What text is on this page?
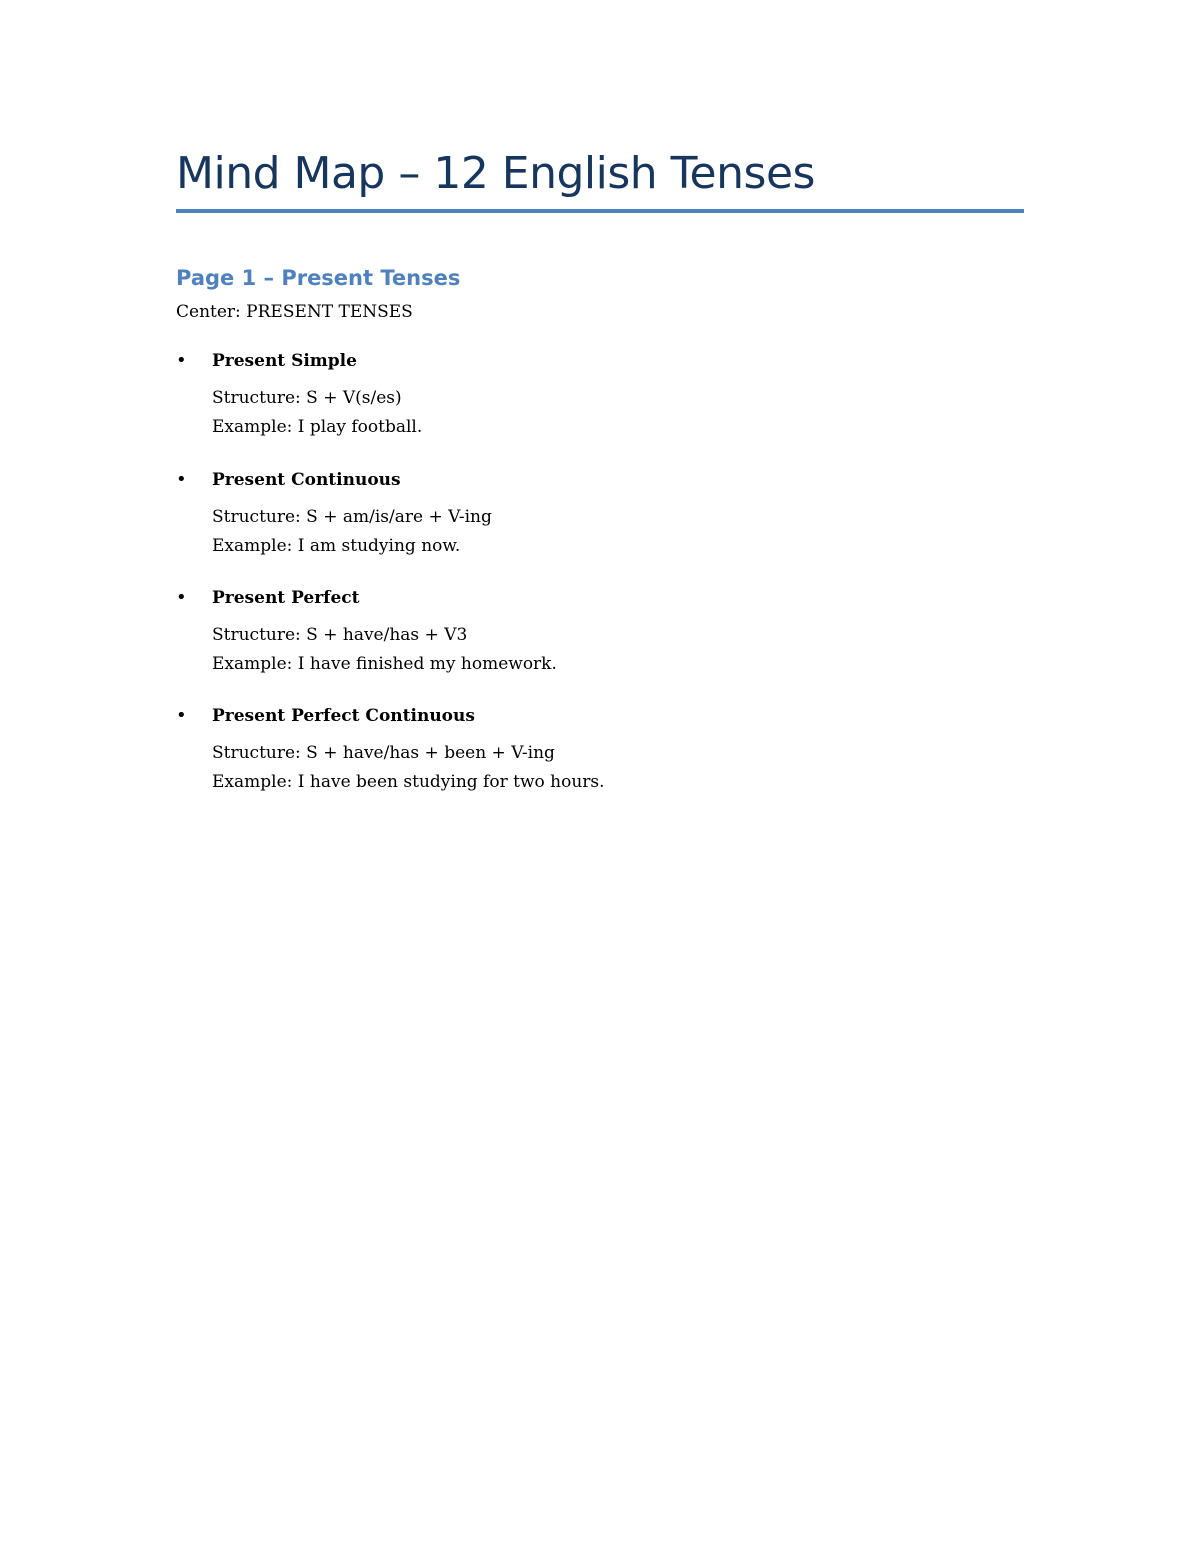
Mind Map – 12 English Tenses
Page 1 – Present Tenses
Center: PRESENT TENSES
• Present Simple
Structure: S + V(s/es)
Example: I play football.
• Present Continuous
Structure: S + am/is/are + V-ing
Example: I am studying now.
• Present Perfect
Structure: S + have/has + V3
Example: I have finished my homework.
• Present Perfect Continuous
Structure: S + have/has + been + V-ing
Example: I have been studying for two hours.
